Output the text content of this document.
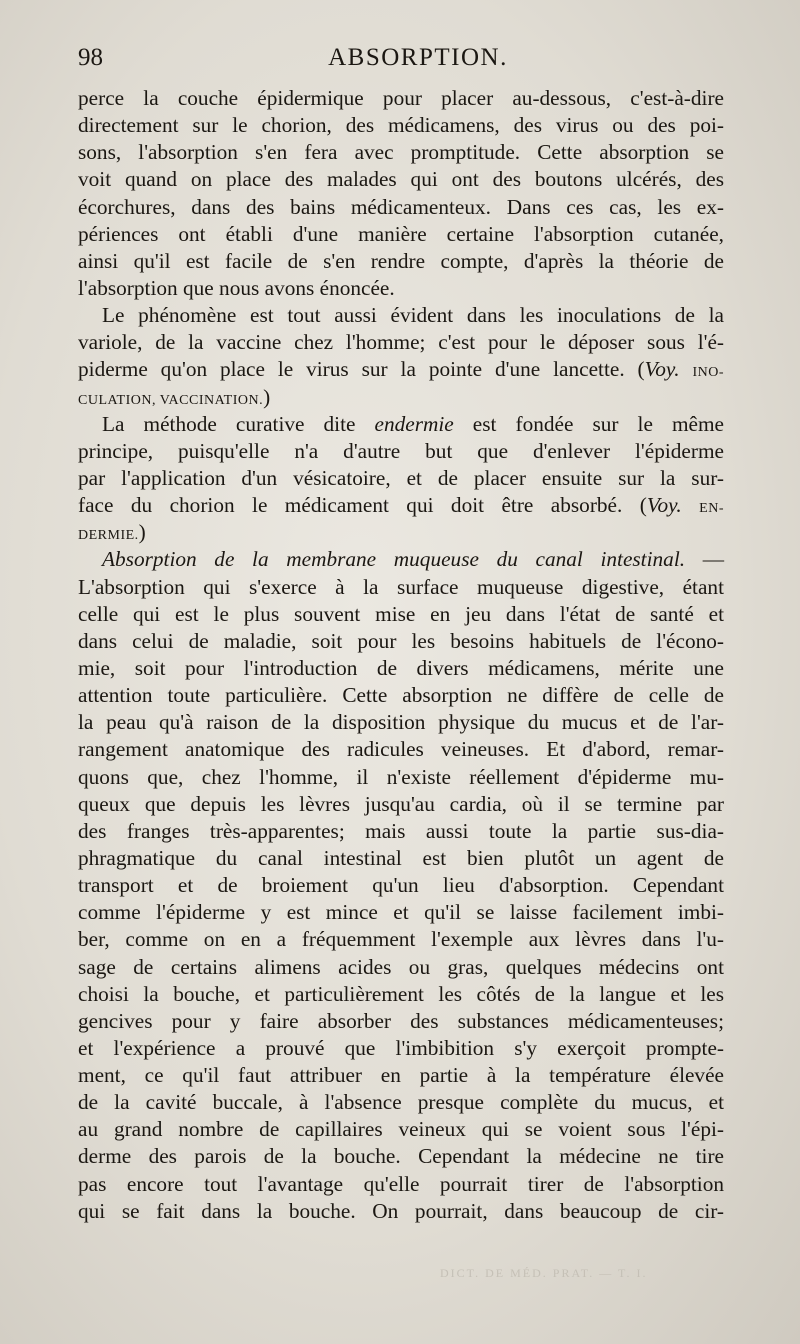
98	ABSORPTION.
perce la couche épidermique pour placer au-dessous, c'est-à-dire
directement sur le chorion, des médicamens, des virus ou des poi-
sons, l'absorption s'en fera avec promptitude. Cette absorption se
voit quand on place des malades qui ont des boutons ulcérés, des
écorchures, dans des bains médicamenteux. Dans ces cas, les ex-
périences ont établi d'une manière certaine l'absorption cutanée,
ainsi qu'il est facile de s'en rendre compte, d'après la théorie de
l'absorption que nous avons énoncée.
Le phénomène est tout aussi évident dans les inoculations de la
variole, de la vaccine chez l'homme; c'est pour le déposer sous l'é-
piderme qu'on place le virus sur la pointe d'une lancette. (Voy. INO-
CULATION, VACCINATION.)
La méthode curative dite endermie est fondée sur le même
principe, puisqu'elle n'a d'autre but que d'enlever l'épiderme
par l'application d'un vésicatoire, et de placer ensuite sur la sur-
face du chorion le médicament qui doit être absorbé. (Voy. EN-
DERMIE.)
Absorption de la membrane muqueuse du canal intestinal. —
L'absorption qui s'exerce à la surface muqueuse digestive, étant
celle qui est le plus souvent mise en jeu dans l'état de santé et
dans celui de maladie, soit pour les besoins habituels de l'écono-
mie, soit pour l'introduction de divers médicamens, mérite une
attention toute particulière. Cette absorption ne diffère de celle de
la peau qu'à raison de la disposition physique du mucus et de l'ar-
rangement anatomique des radicules veineuses. Et d'abord, remar-
quons que, chez l'homme, il n'existe réellement d'épiderme mu-
queux que depuis les lèvres jusqu'au cardia, où il se termine par
des franges très-apparentes; mais aussi toute la partie sus-dia-
phragmatique du canal intestinal est bien plutôt un agent de
transport et de broiement qu'un lieu d'absorption. Cependant
comme l'épiderme y est mince et qu'il se laisse facilement imbi-
ber, comme on en a fréquemment l'exemple aux lèvres dans l'u-
sage de certains alimens acides ou gras, quelques médecins ont
choisi la bouche, et particulièrement les côtés de la langue et les
gencives pour y faire absorber des substances médicamenteuses;
et l'expérience a prouvé que l'imbibition s'y exerçoit prompte-
ment, ce qu'il faut attribuer en partie à la température élevée
de la cavité buccale, à l'absence presque complète du mucus, et
au grand nombre de capillaires veineux qui se voient sous l'épi-
derme des parois de la bouche. Cependant la médecine ne tire
pas encore tout l'avantage qu'elle pourrait tirer de l'absorption
qui se fait dans la bouche. On pourrait, dans beaucoup de cir-
DICT. DE MÉD. PRAT. — T. I.
